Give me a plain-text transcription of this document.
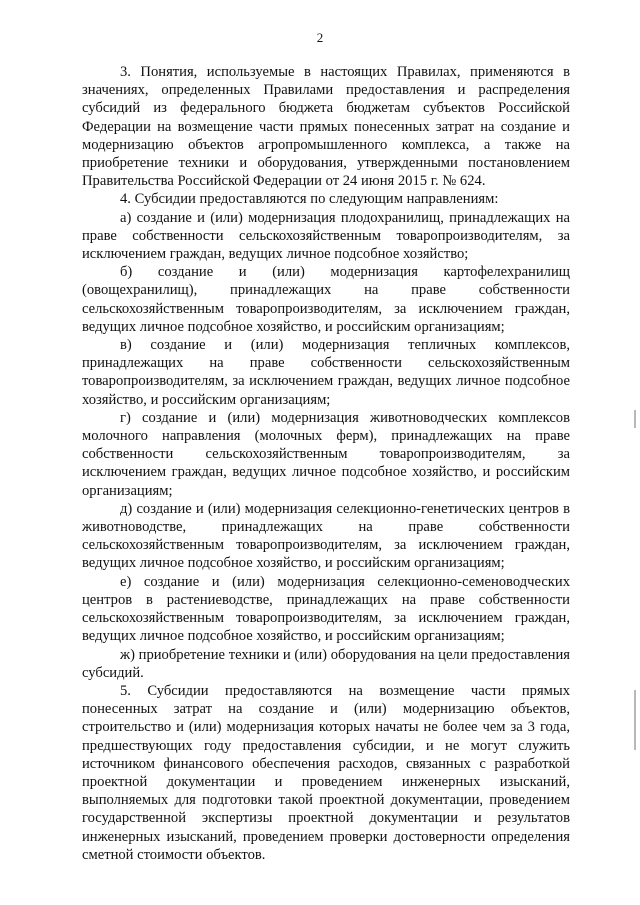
2

3. Понятия, используемые в настоящих Правилах, применяются в значениях, определенных Правилами предоставления и распределения субсидий из федерального бюджета бюджетам субъектов Российской Федерации на возмещение части прямых понесенных затрат на создание и модернизацию объектов агропромышленного комплекса, а также на приобретение техники и оборудования, утвержденными постановлением Правительства Российской Федерации от 24 июня 2015 г. № 624.

4. Субсидии предоставляются по следующим направлениям:

а) создание и (или) модернизация плодохранилищ, принадлежащих на праве собственности сельскохозяйственным товаропроизводителям, за исключением граждан, ведущих личное подсобное хозяйство;

б) создание и (или) модернизация картофелехранилищ (овощехранилищ), принадлежащих на праве собственности сельскохозяйственным товаропроизводителям, за исключением граждан, ведущих личное подсобное хозяйство, и российским организациям;

в) создание и (или) модернизация тепличных комплексов, принадлежащих на праве собственности сельскохозяйственным товаропроизводителям, за исключением граждан, ведущих личное подсобное хозяйство, и российским организациям;

г) создание и (или) модернизация животноводческих комплексов молочного направления (молочных ферм), принадлежащих на праве собственности сельскохозяйственным товаропроизводителям, за исключением граждан, ведущих личное подсобное хозяйство, и российским организациям;

д) создание и (или) модернизация селекционно-генетических центров в животноводстве, принадлежащих на праве собственности сельскохозяйственным товаропроизводителям, за исключением граждан, ведущих личное подсобное хозяйство, и российским организациям;

е) создание и (или) модернизация селекционно-семеноводческих центров в растениеводстве, принадлежащих на праве собственности сельскохозяйственным товаропроизводителям, за исключением граждан, ведущих личное подсобное хозяйство, и российским организациям;

ж) приобретение техники и (или) оборудования на цели предоставления субсидий.

5. Субсидии предоставляются на возмещение части прямых понесенных затрат на создание и (или) модернизацию объектов, строительство и (или) модернизация которых начаты не более чем за 3 года, предшествующих году предоставления субсидии, и не могут служить источником финансового обеспечения расходов, связанных с разработкой проектной документации и проведением инженерных изысканий, выполняемых для подготовки такой проектной документации, проведением государственной экспертизы проектной документации и результатов инженерных изысканий, проведением проверки достоверности определения сметной стоимости объектов.
